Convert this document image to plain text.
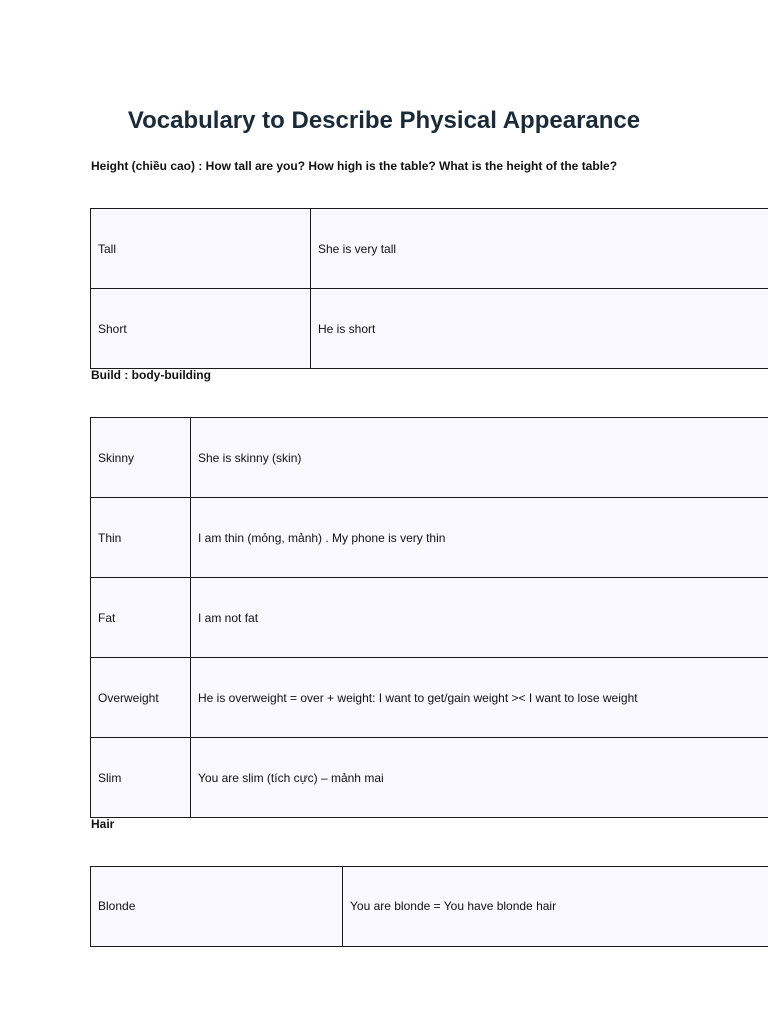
Vocabulary to Describe Physical Appearance
Height (chiều cao) : How tall are you? How high is the table? What is the height of the table?
Tall	She is very tall
Short	He is short
Build : body-building
Skinny	She is skinny (skin)
Thin	I am thin (mỏng, mảnh) . My phone is very thin
Fat	I am not fat
Overweight	He is overweight = over + weight: I want to get/gain weight >< I want to lose weight
Slim	You are slim (tích cực) – mảnh mai
Hair
Blonde	You are blonde = You have blonde hair
